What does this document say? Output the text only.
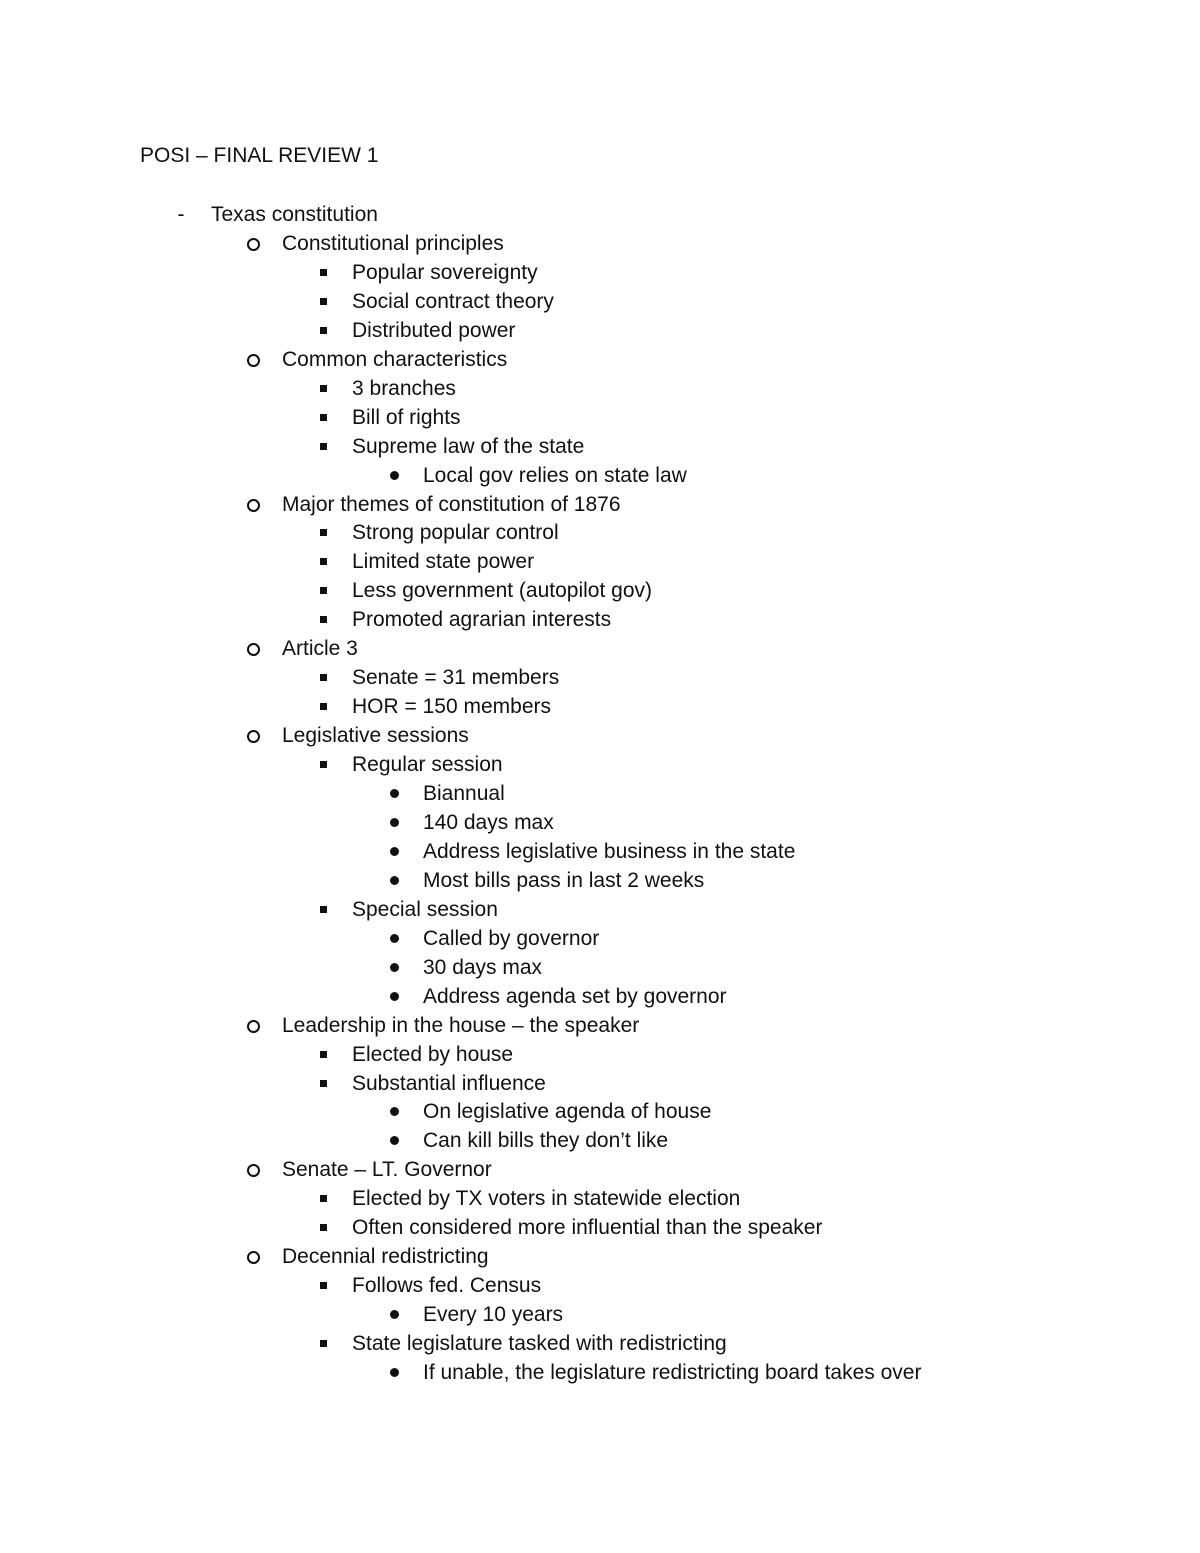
POSI – FINAL REVIEW 1
- Texas constitution
Constitutional principles
Popular sovereignty
Social contract theory
Distributed power
Common characteristics
3 branches
Bill of rights
Supreme law of the state
Local gov relies on state law
Major themes of constitution of 1876
Strong popular control
Limited state power
Less government (autopilot gov)
Promoted agrarian interests
Article 3
Senate = 31 members
HOR = 150 members
Legislative sessions
Regular session
Biannual
140 days max
Address legislative business in the state
Most bills pass in last 2 weeks
Special session
Called by governor
30 days max
Address agenda set by governor
Leadership in the house – the speaker
Elected by house
Substantial influence
On legislative agenda of house
Can kill bills they don’t like
Senate – LT. Governor
Elected by TX voters in statewide election
Often considered more influential than the speaker
Decennial redistricting
Follows fed. Census
Every 10 years
State legislature tasked with redistricting
If unable, the legislature redistricting board takes over
